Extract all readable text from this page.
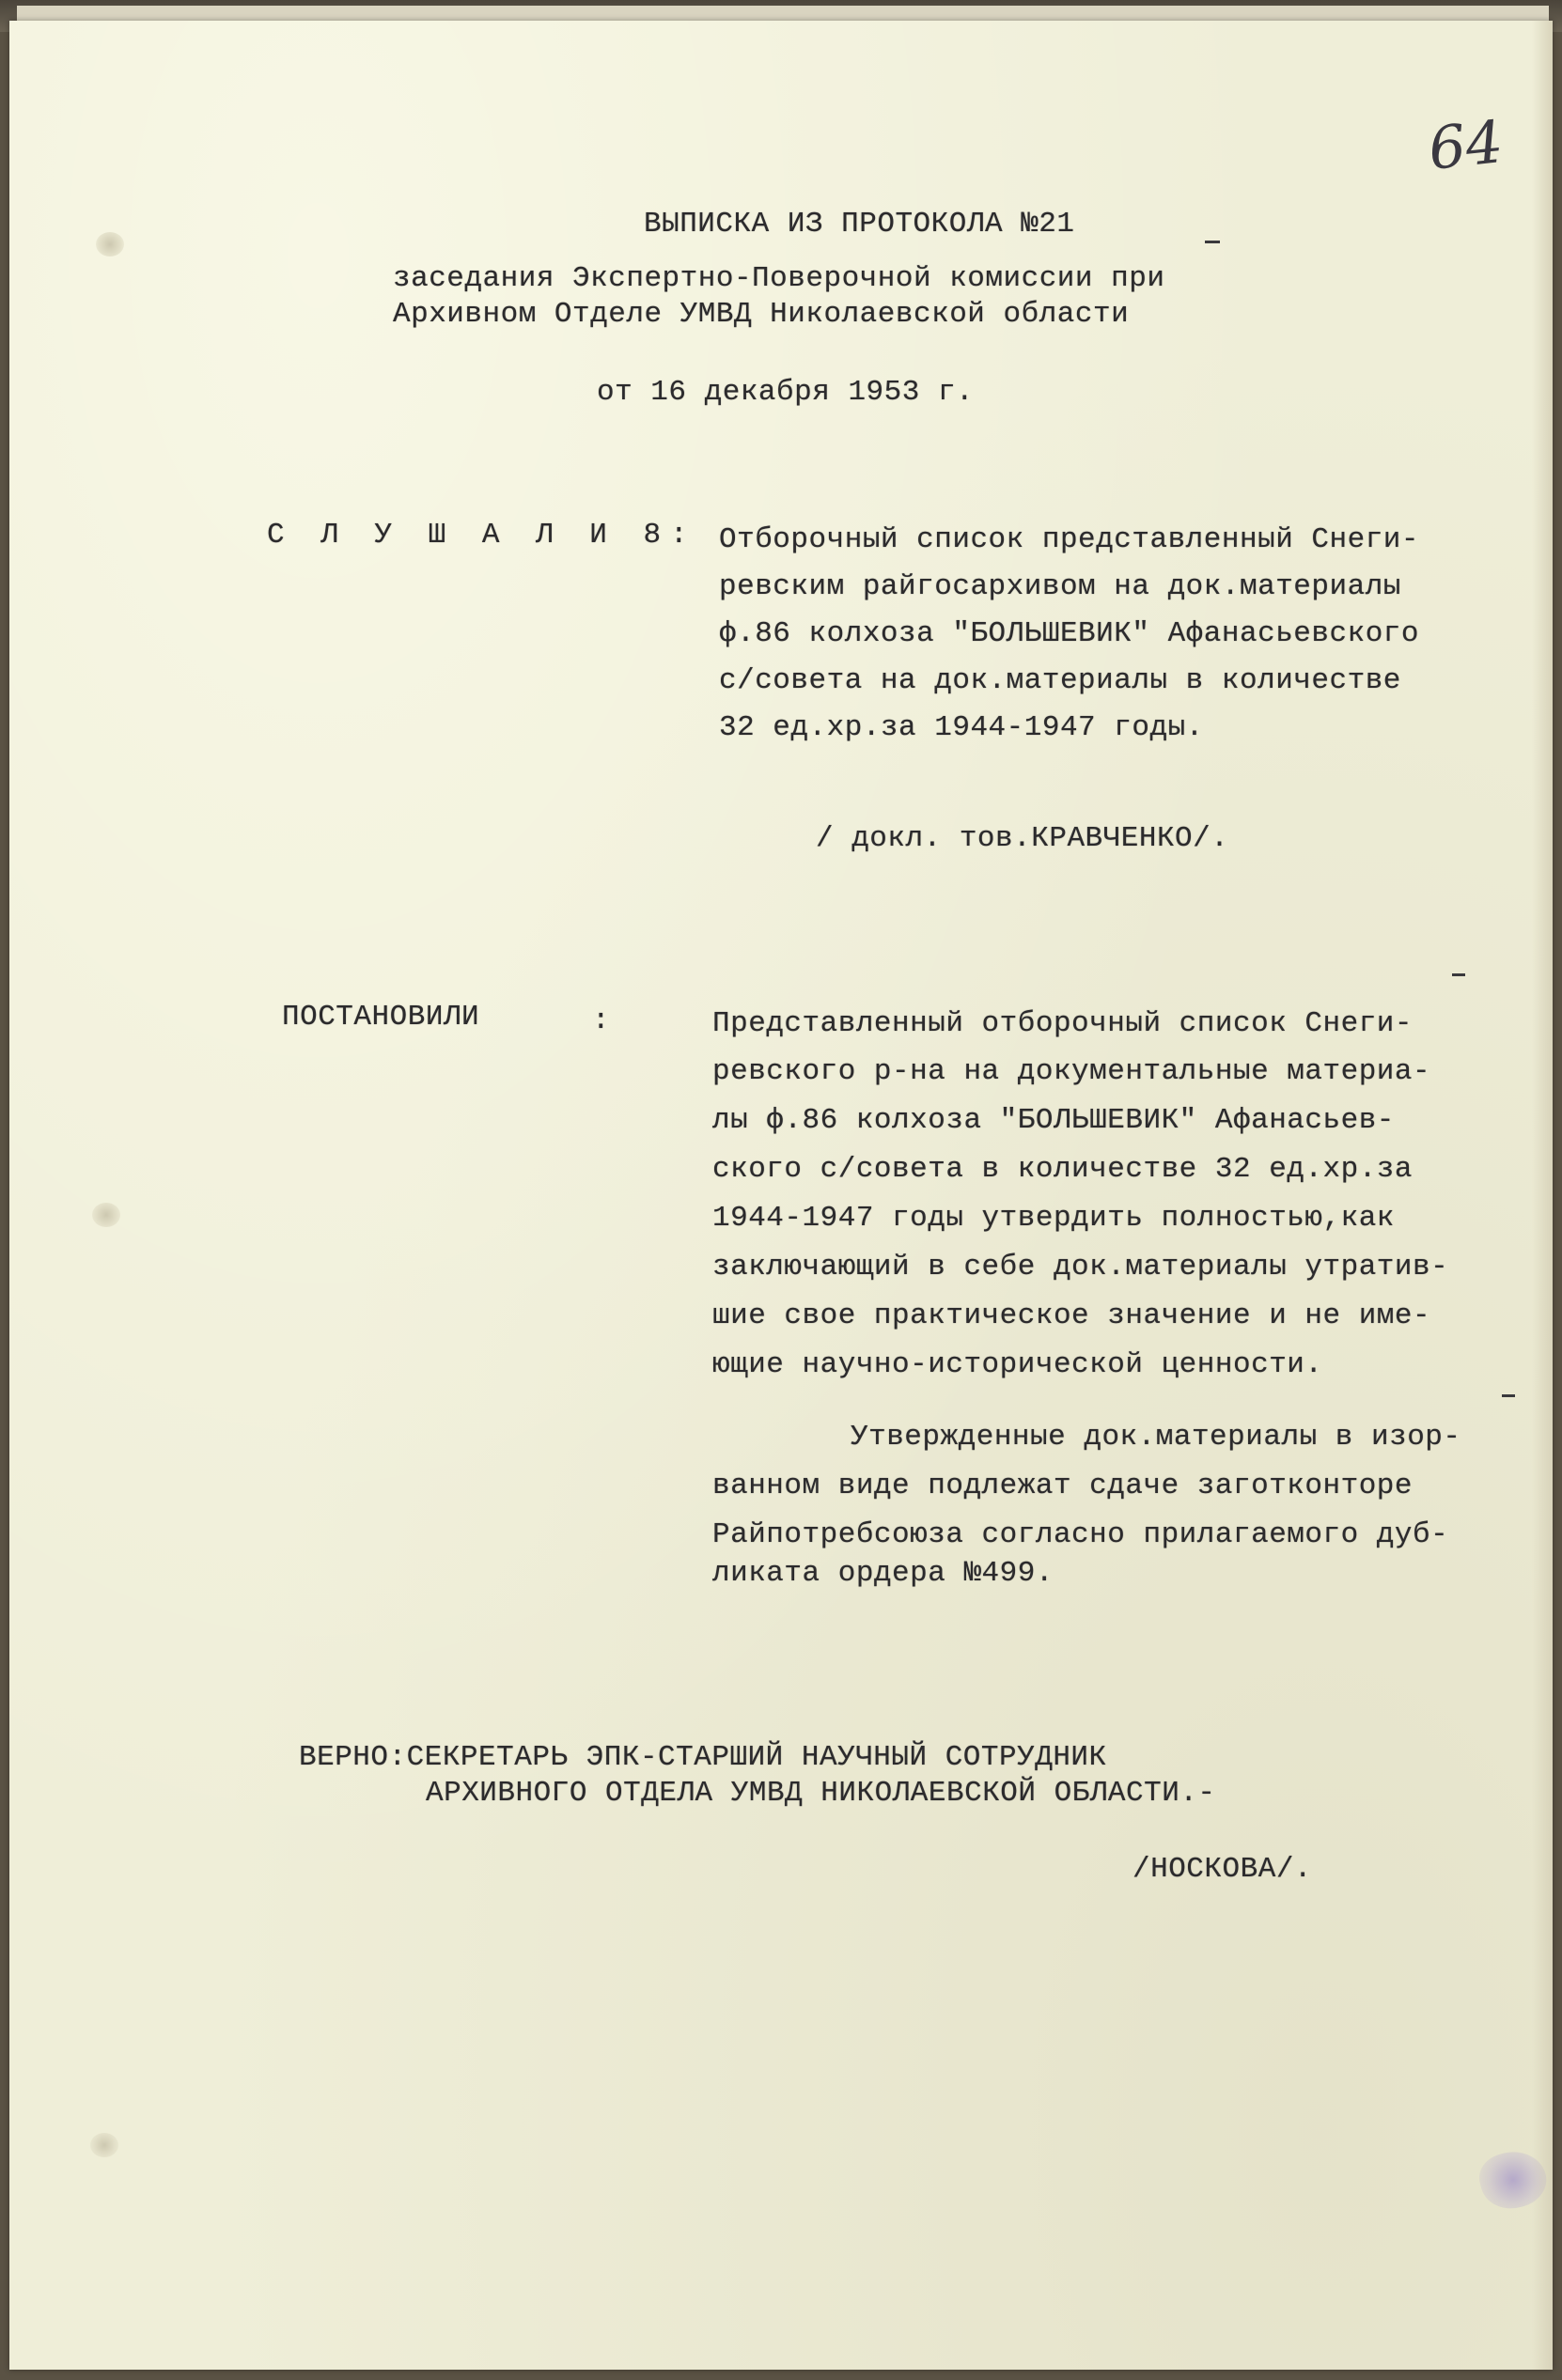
64
ВЫПИСКА ИЗ ПРОТОКОЛА №21
заседания Экспертно-Поверочной комиссии при
Архивном Отделе УМВД Николаевской области
от 16 декабря 1953 г.
С Л У Ш А Л И 8: Отборочный список представленный Снеги-
ревским райгосархивом на док.материалы
ф.86 колхоза "БОЛЬШЕВИК" Афанасьевского
с/совета на док.материалы в количестве
32 ед.хр.за 1944-1947 годы.
/ докл. тов.КРАВЧЕНКО/.
ПОСТАНОВИЛИ	:	Представленный отборочный список Снеги-
ревского р-на на документальные материа-
лы ф.86 колхоза "БОЛЬШЕВИК" Афанасьев-
ского с/совета в количестве 32 ед.хр.за
1944-1947 годы утвердить полностью,как
заключающий в себе док.материалы утратив-
шие свое практическое значение и не име-
ющие научно-исторической ценности.
Утвержденные док.материалы в изор-
ванном виде подлежат сдаче заготконторе
Райпотребсоюза согласно прилагаемого дуб-
ликата ордера №499.
ВЕРНО:СЕКРЕТАРЬ ЭПК-СТАРШИЙ НАУЧНЫЙ СОТРУДНИК
АРХИВНОГО ОТДЕЛА УМВД НИКОЛАЕВСКОЙ ОБЛАСТИ.-
/НОСКОВА/.
